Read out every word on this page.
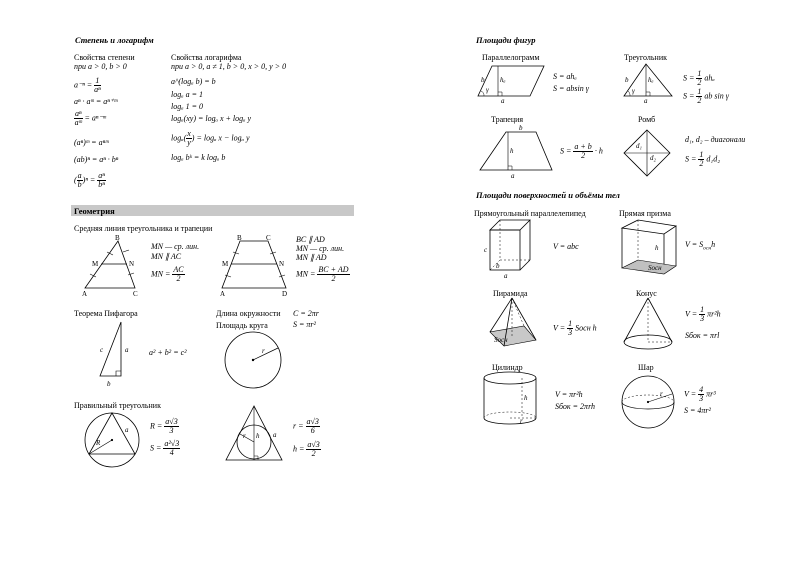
Степень и логарифм
Свойства степени
при a > 0, b > 0
$a^{-n} = \frac{1}{\text{aⁿ}}$
aⁿ · aᵐ = aⁿ⁺ᵐ
$\frac{\text{aⁿ}}{\text{aᵐ}}$ = aⁿ⁻ᵐ
(aⁿ)ᵐ = aⁿᵐ
(ab)ⁿ = aⁿ · bⁿ
( $\frac{a}{b} )^n = \frac{\text{aⁿ}}{\text{bⁿ}}$
Свойства логарифма
при a > 0, a ≠ 1, b > 0, x > 0, y > 0
a^(logₐ b) = b
logₐ a = 1
logₐ 1 = 0
logₐ(xy) = logₐ x + logₐ y
$\log_a( \frac{x}{y}$ ) = logₐ x − logₐ y
logₐ bᵏ = k logₐ b
Геометрия
Средняя линия треугольника и трапеции
B
M	N
A	C
MN — ср. лин.
MN ∥ AC
MN = $\frac{AC}{2}$
B	C
M	N
A	D
BC ∥ AD
MN — ср. лин.
MN ∥ AD
MN = $\frac{BC + AD}{2}$
Теорема Пифагора
c	a
b
a² + b² = c²
Длина окружности
Площадь круга
C = 2πr
S = πr²
r
Правильный треугольник
R
a	$R = \frac{a√3}{3}$
$S = \frac{\text{a²√3}}{4}$
r h a
$r = \frac{a√3}{6}$
$h = \frac{a√3}{2}$
Площади фигур
Параллелограмм
b hₐ
γ
a
S = ahₐ
S = absin γ
Треугольник
b	hₐ
γ
a
$S = \frac{1}{2}$ ahₐ
$S = \frac{1}{2}$ ab sin γ
Трапеция
b
h
a
$S = \frac{a + b}{2} \cdot h$
Ромб
d₁
d₂
d₁, d₂ – диагонали
$S = \frac{1}{2} d_1d_2$
Площади поверхностей и объёмы тел
Прямоугольный параллелепипед
c
b
a
V = abc
Прямая призма
h
Sосн
$V = S_{осн}h$
Пирамида
Sосн
$V = \frac{1}{3}$ Sосн h
Конус
$V = \frac{1}{3} \pi r^2h$
Sбок = πrl
Цилиндр
r
h	V = πr²h
Sбок = 2πrh
Шар
r	$V = \frac{4}{3} \pi r^3$
S = 4πr²
